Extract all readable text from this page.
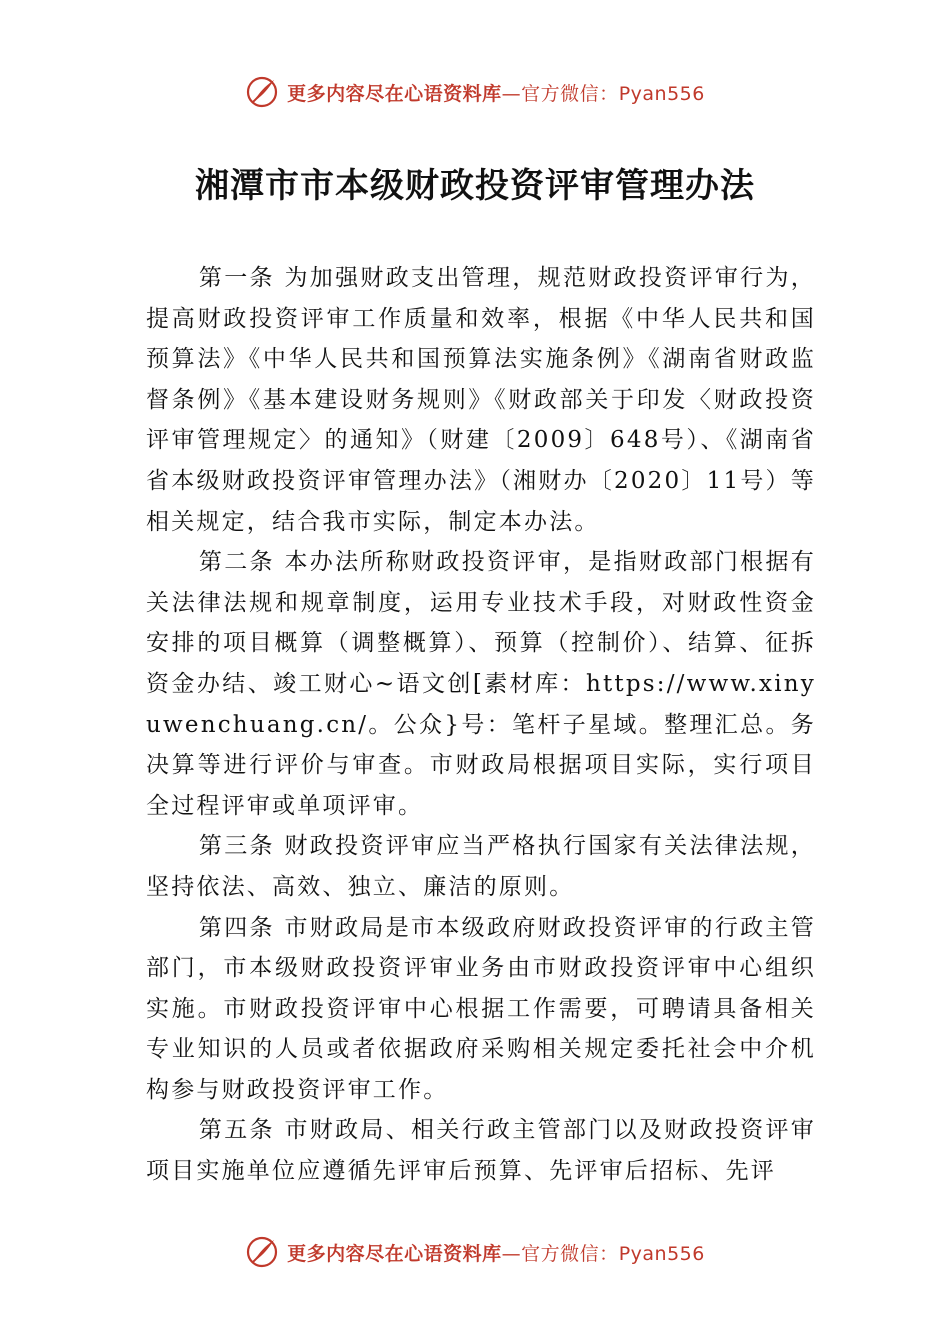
更多内容尽在心语资料库—官方微信：Pyan556
湘潭市市本级财政投资评审管理办法

第一条 为加强财政支出管理，规范财政投资评审行为，提高财政投资评审工作质量和效率，根据《中华人民共和国预算法》《中华人民共和国预算法实施条例》《湖南省财政监督条例》《基本建设财务规则》《财政部关于印发〈财政投资评审管理规定〉的通知》（财建〔2009〕648号）、《湖南省省本级财政投资评审管理办法》（湘财办〔2020〕11号）等相关规定，结合我市实际，制定本办法。

第二条 本办法所称财政投资评审，是指财政部门根据有关法律法规和规章制度，运用专业技术手段，对财政性资金安排的项目概算（调整概算）、预算（控制价）、结算、征拆资金办结、竣工财心~语文创[素材库：https://www.xinyuwenchuang.cn/。公众}号：笔杆子星域。整理汇总。务决算等进行评价与审查。市财政局根据项目实际，实行项目全过程评审或单项评审。

第三条 财政投资评审应当严格执行国家有关法律法规，坚持依法、高效、独立、廉洁的原则。

第四条 市财政局是市本级政府财政投资评审的行政主管部门，市本级财政投资评审业务由市财政投资评审中心组织实施。市财政投资评审中心根据工作需要，可聘请具备相关专业知识的人员或者依据政府采购相关规定委托社会中介机构参与财政投资评审工作。

第五条 市财政局、相关行政主管部门以及财政投资评审项目实施单位应遵循先评审后预算、先评审后招标、先评

更多内容尽在心语资料库—官方微信：Pyan556
